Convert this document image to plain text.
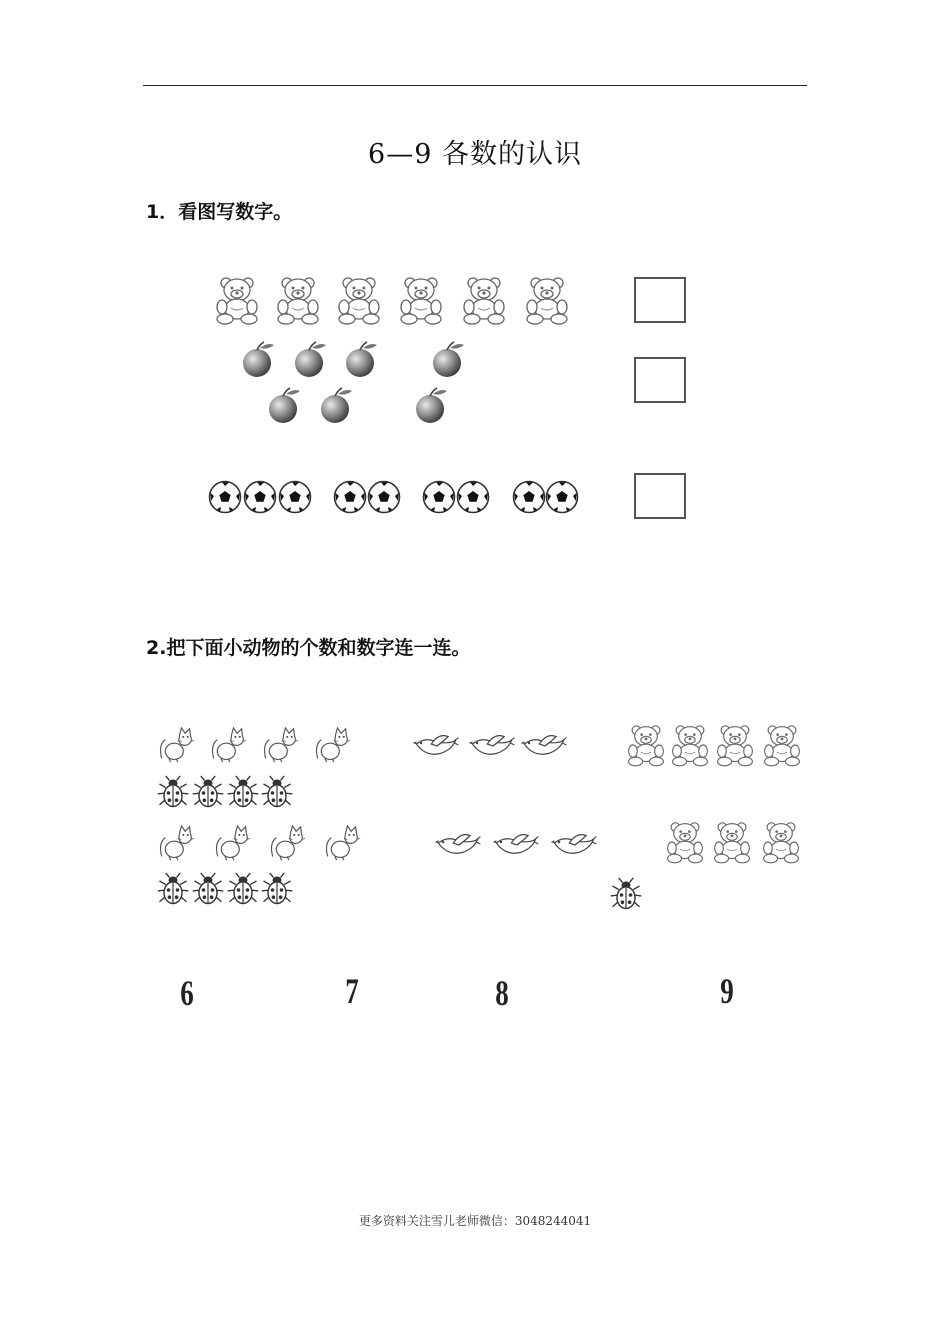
6—9 各数的认识
1．看图写数字。
2.把下面小动物的个数和数字连一连。
6	7	8	9
更多资料关注雪儿老师微信：3048244041
